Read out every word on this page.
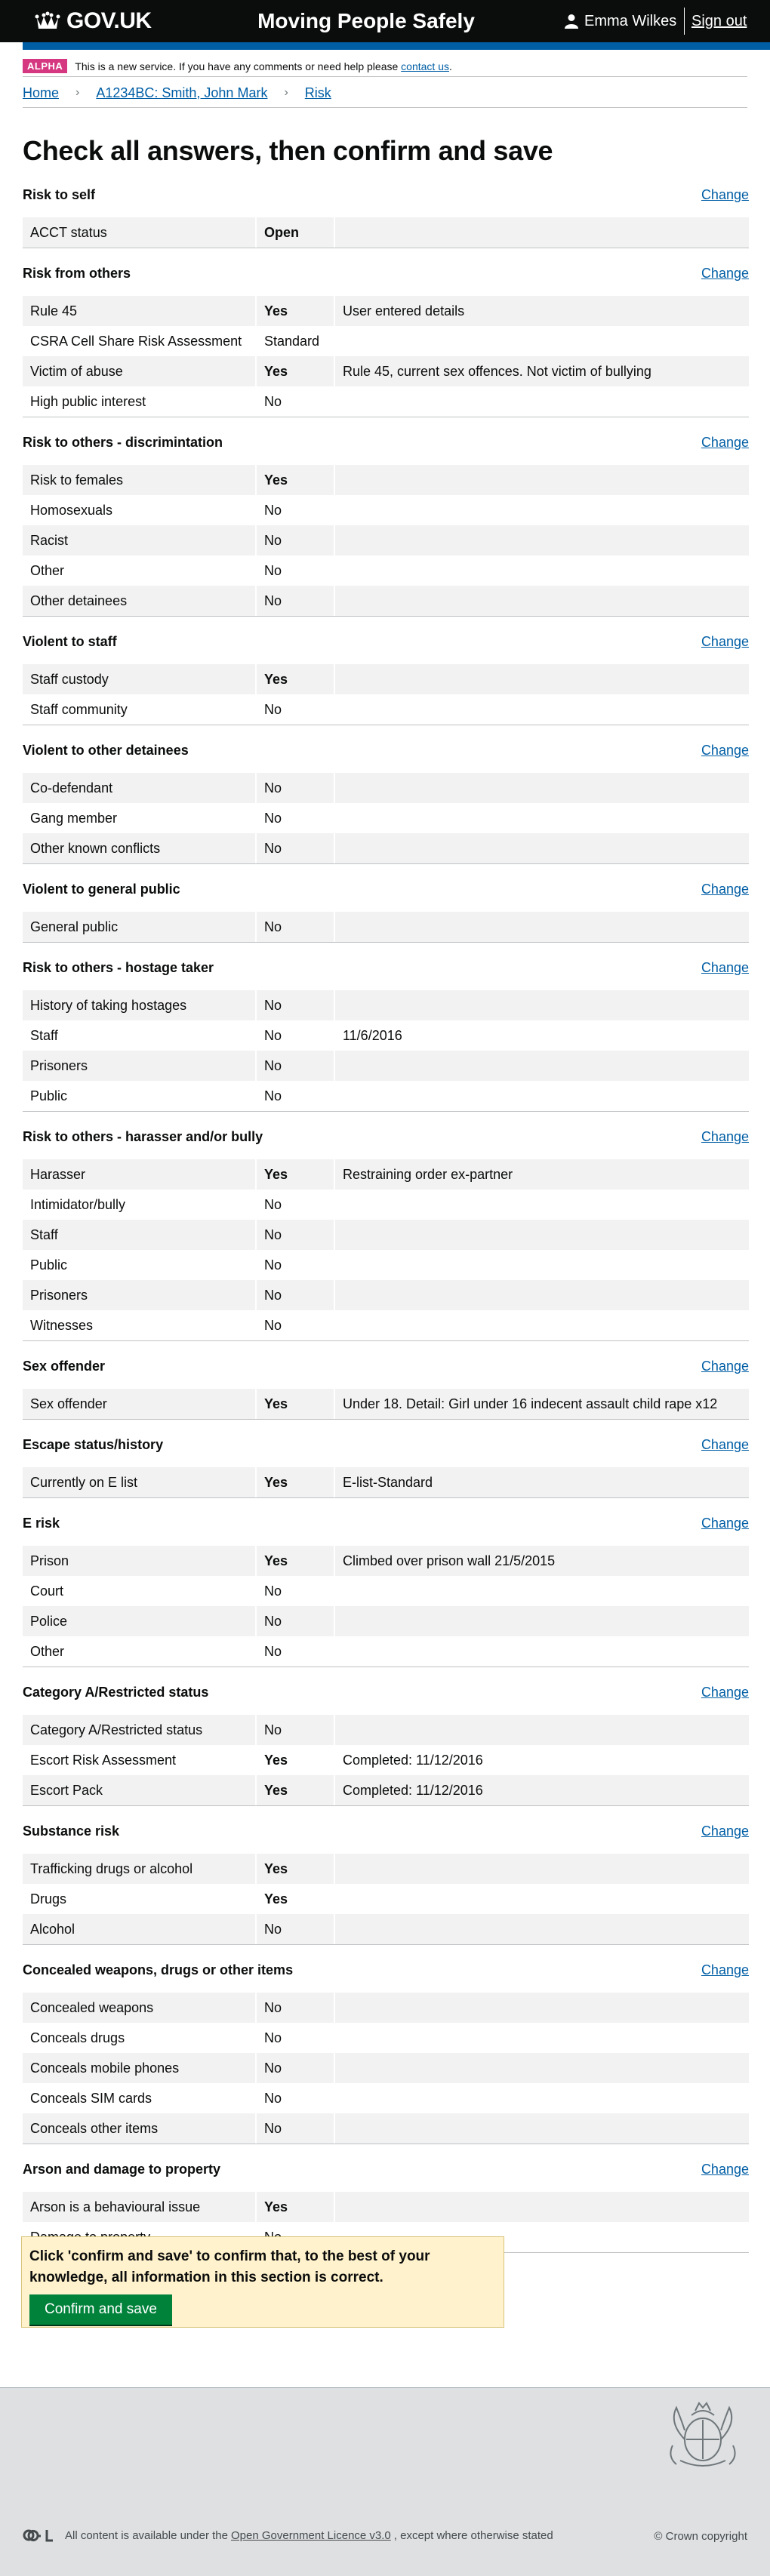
GOV.UK	Moving People Safely	Emma Wilkes Sign out
ALPHA	This is a new service. If you have any comments or need help please
contact us .
Home › A1234BC: Smith, John Mark › Risk
Check all answers, then confirm and save
Risk to self	Change
ACCT status	Open
Risk from others	Change
Rule 45	Yes	User entered details
CSRA Cell Share Risk Assessment	Standard
Victim of abuse	Yes	Rule 45, current sex offences. Not victim of bullying
High public interest	No
Risk to others - discrimintation	Change
Risk to females	Yes
Homosexuals	No
Racist	No
Other	No
Other detainees	No
Violent to staff	Change
Staff custody	Yes
Staff community	No
Violent to other detainees	Change
Co-defendant	No
Gang member	No
Other known conflicts	No
Violent to general public	Change
General public	No
Risk to others - hostage taker	Change
History of taking hostages	No
Staff	No	11/6/2016
Prisoners	No
Public	No
Risk to others - harasser and/or bully	Change
Harasser	Yes	Restraining order ex-partner
Intimidator/bully	No
Staff	No
Public	No
Prisoners	No
Witnesses	No
Sex offender	Change
Sex offender	Yes	Under 18. Detail: Girl under 16 indecent assault child rape x12
Escape status/history	Change
Currently on E list	Yes	E-list-Standard
E risk	Change
Prison	Yes	Climbed over prison wall 21/5/2015
Court	No
Police	No
Other	No
Category A/Restricted status	Change
Category A/Restricted status	No
Escort Risk Assessment	Yes	Completed: 11/12/2016
Escort Pack	Yes	Completed: 11/12/2016
Substance risk	Change
Trafficking drugs or alcohol	Yes
Drugs	Yes
Alcohol	No
Concealed weapons, drugs or other items	Change
Concealed weapons	No
Conceals drugs	No
Conceals mobile phones	No
Conceals SIM cards	No
Conceals other items	No
Arson and damage to property	Change
Arson is a behavioural issue	Yes
Click 'confirm and save' to confirm that, to the best of your knowledge, all information in this section is correct.
Confirm and save
All content is available under the Open Government Licence v3.0 , except where otherwise stated	© Crown copyright
